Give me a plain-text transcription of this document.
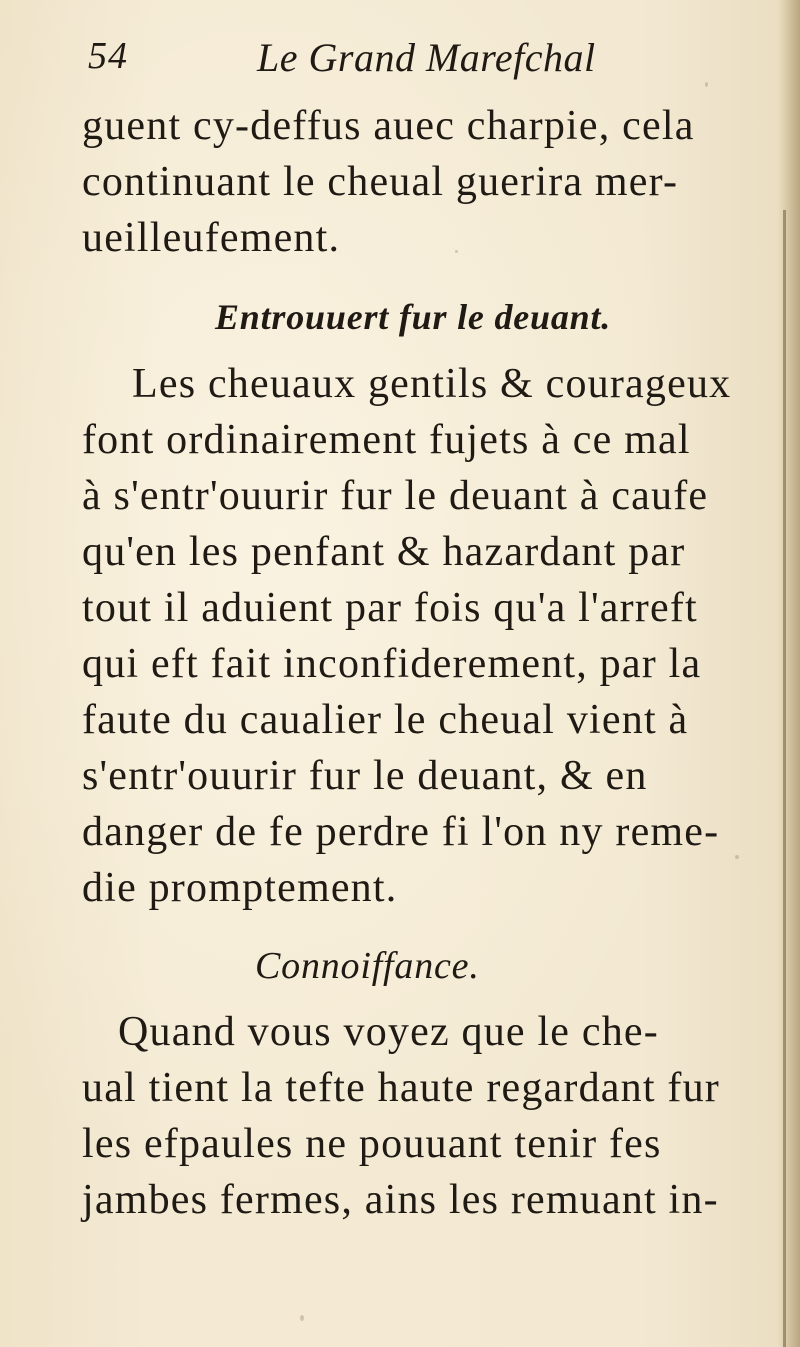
54	Le Grand Marefchal
guent cy-deffus auec charpie, cela
continuant le cheual guerira mer-
ueilleufement.
Entrouuert fur le deuant.
Les cheuaux gentils & courageux
font ordinairement fujets à ce mal
à s'entr'ouurir fur le deuant à caufe
qu'en les penfant & hazardant par
tout il aduient par fois qu'a l'arreft
qui eft fait inconfiderement, par la
faute du caualier le cheual vient à
s'entr'ouurir fur le deuant, & en
danger de fe perdre fi l'on ny reme-
die promptement.
Connoiffance.
Quand vous voyez que le che-
ual tient la tefte haute regardant fur
les efpaules ne pouuant tenir fes
jambes fermes, ains les remuant in-
